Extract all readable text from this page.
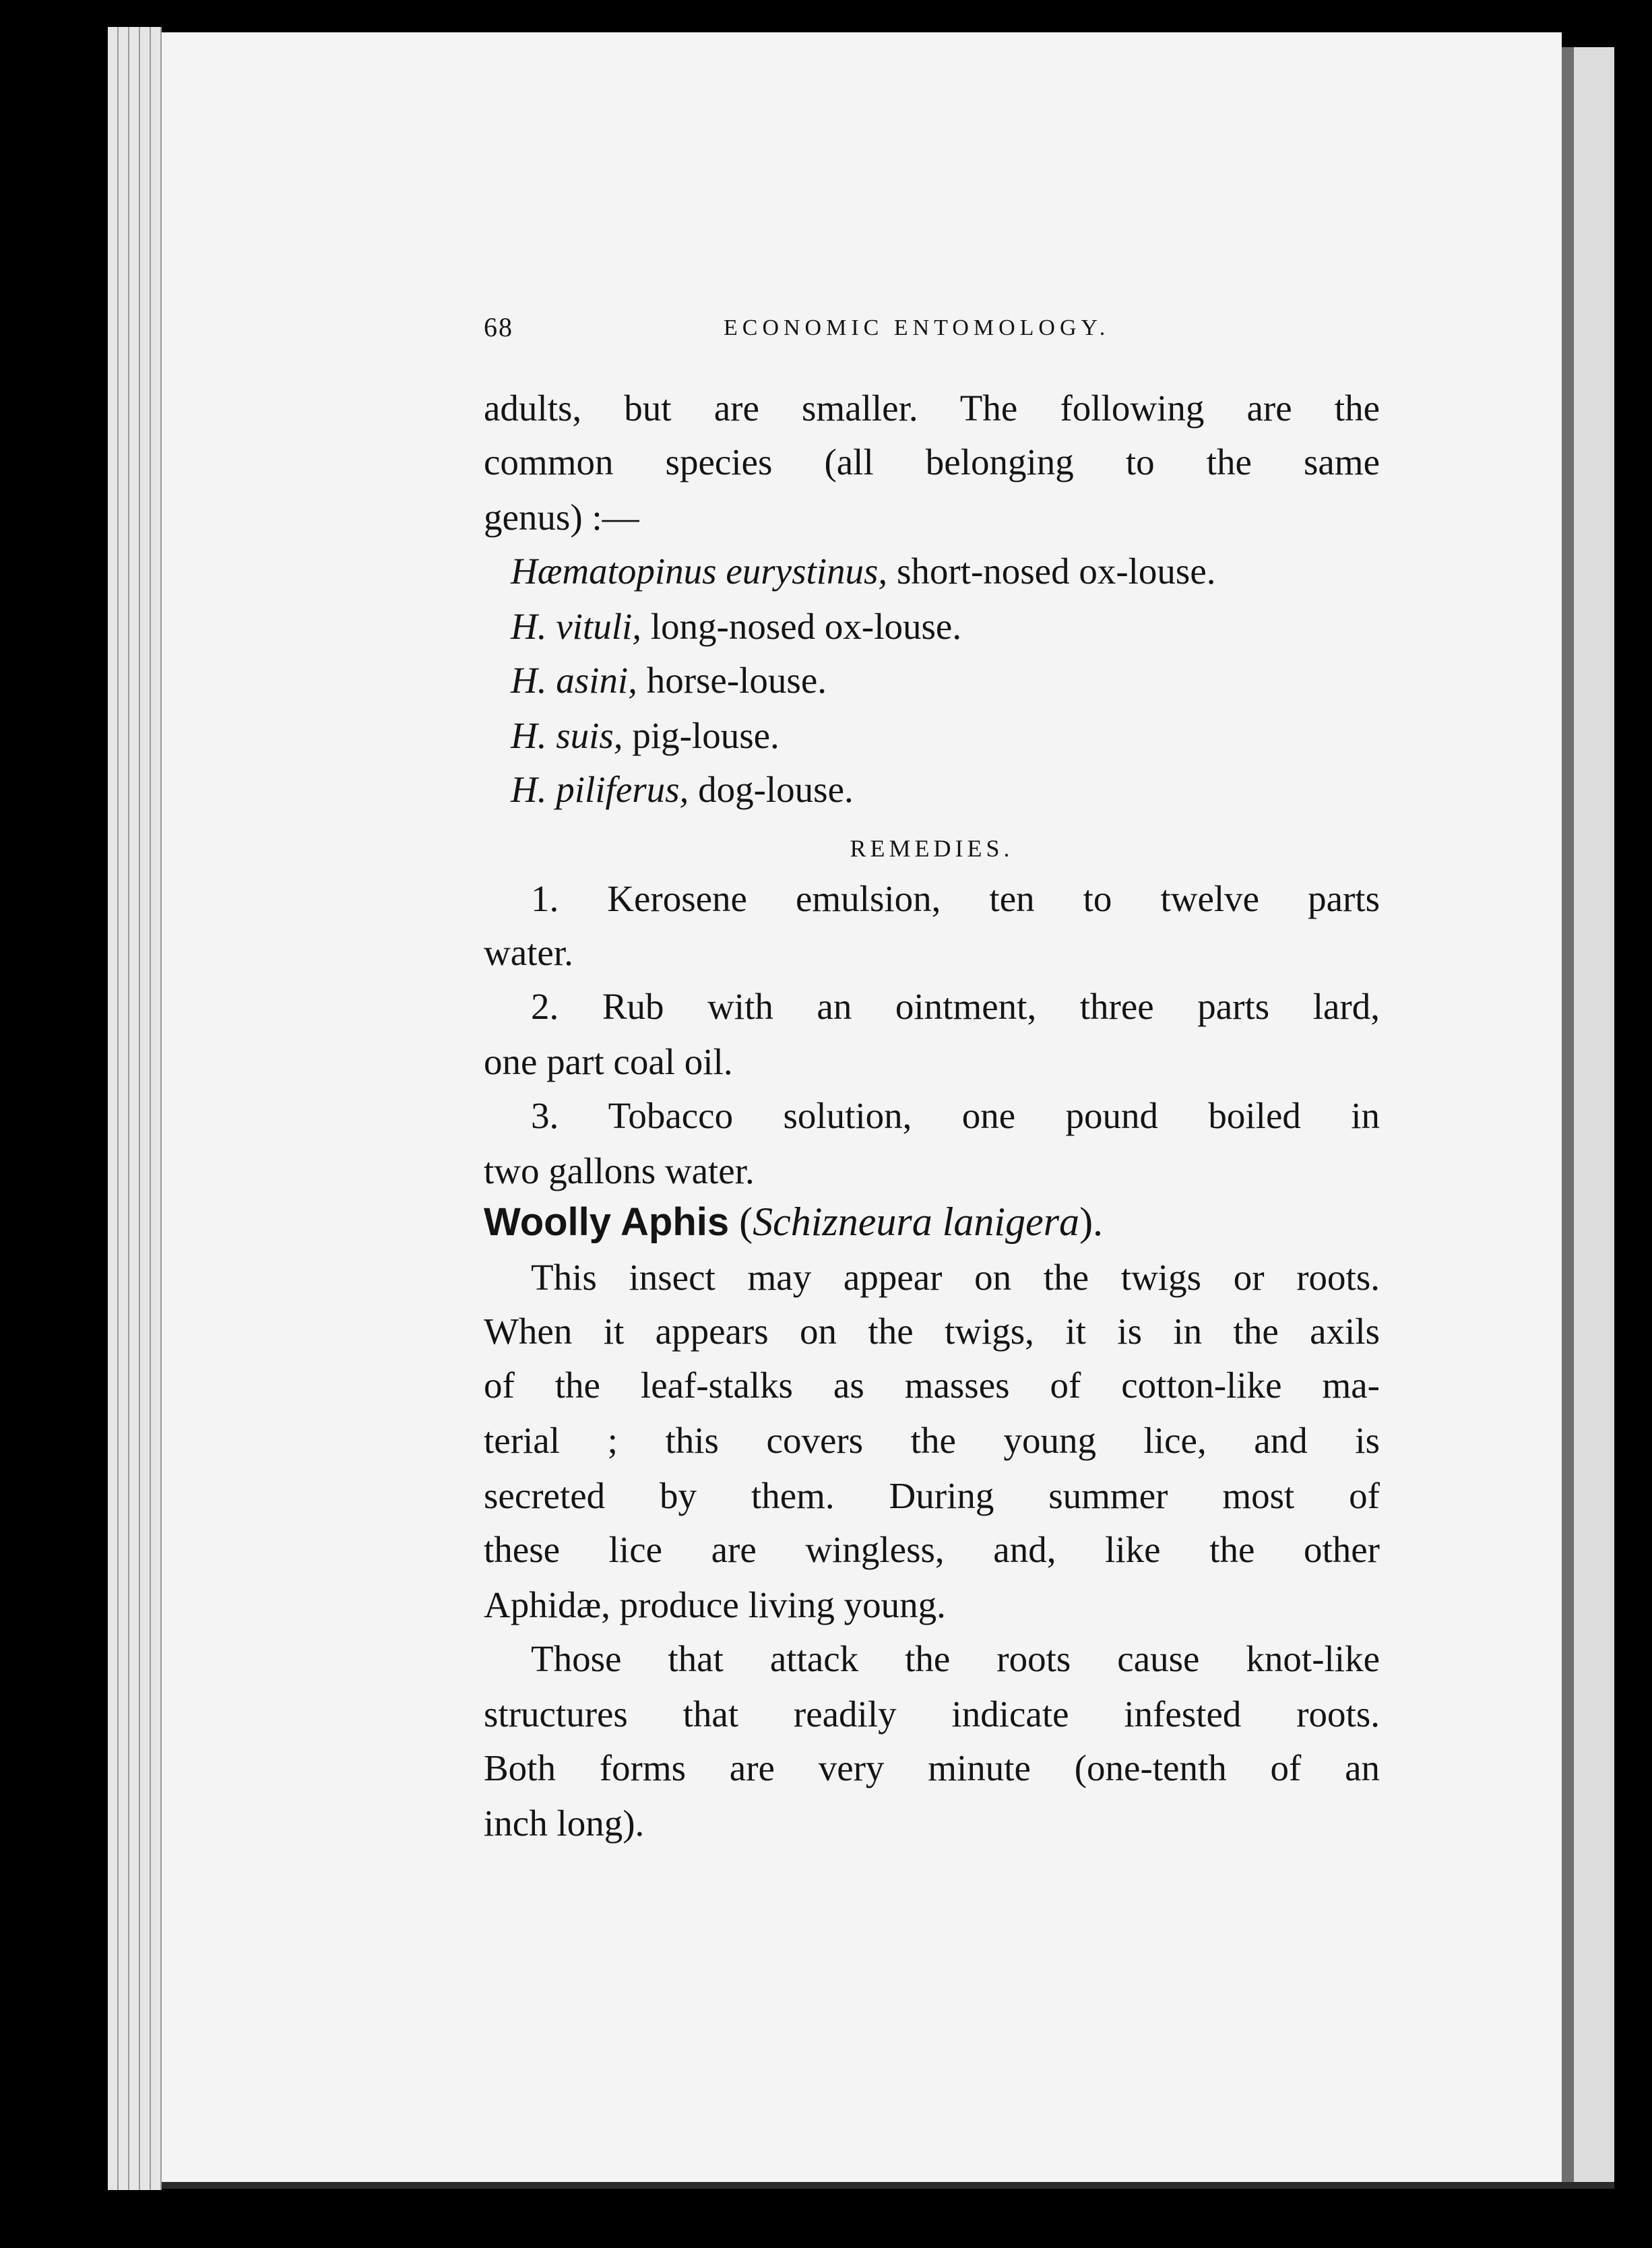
68	ECONOMIC ENTOMOLOGY.
adults, but are smaller. The following are the
common species (all belonging to the same
genus) :—
Hæmatopinus eurystinus, short-nosed ox-louse.
H. vituli, long-nosed ox-louse.
H. asini, horse-louse.
H. suis, pig-louse.
H. piliferus, dog-louse.
REMEDIES.
1. Kerosene emulsion, ten to twelve parts
water.
2. Rub with an ointment, three parts lard,
one part coal oil.
3. Tobacco solution, one pound boiled in
two gallons water.
Woolly Aphis (Schizneura lanigera).
This insect may appear on the twigs or roots.
When it appears on the twigs, it is in the axils
of the leaf-stalks as masses of cotton-like ma-
terial ; this covers the young lice, and is
secreted by them. During summer most of
these lice are wingless, and, like the other
Aphidæ, produce living young.
Those that attack the roots cause knot-like
structures that readily indicate infested roots.
Both forms are very minute (one-tenth of an
inch long).
